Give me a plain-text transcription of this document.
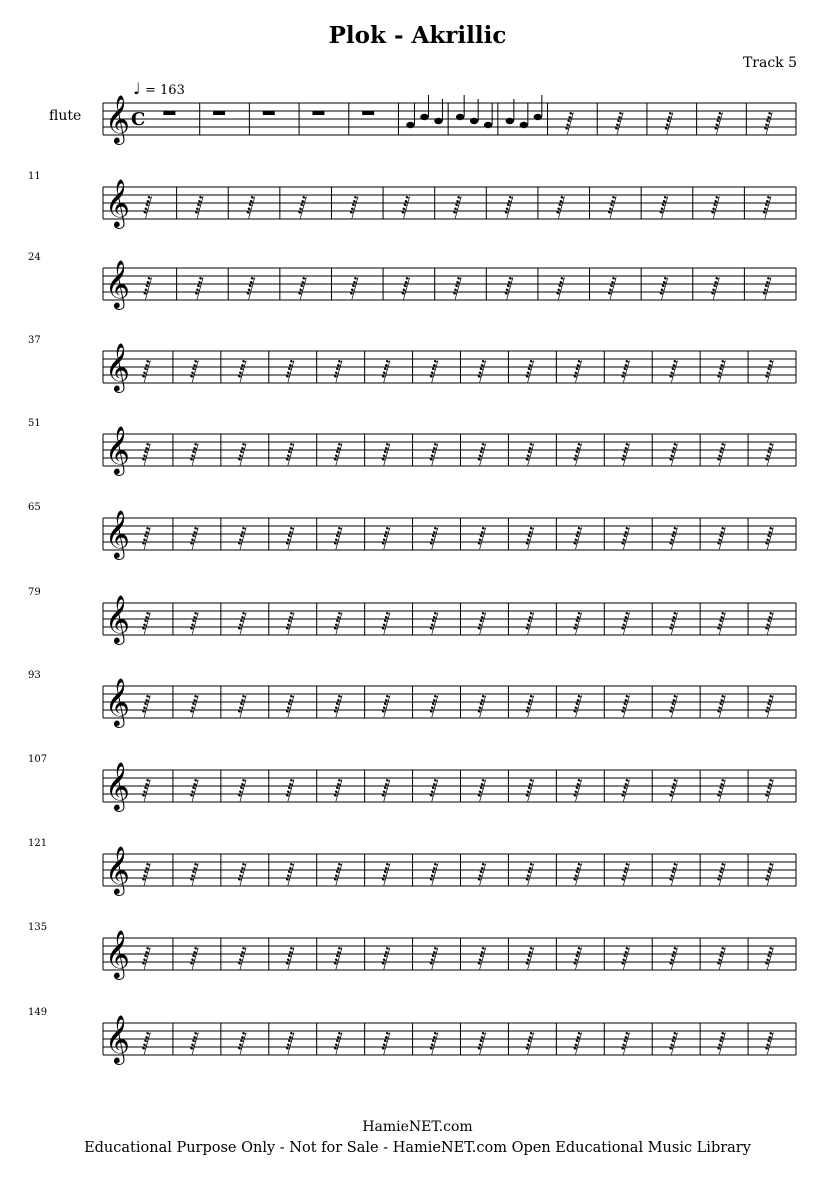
Plok - Akrillic
Track 5
flute 𝄞	𝅂 𝅂 𝅂 𝅂 𝅂
𝄞
11
𝅂 𝅂 𝅂 𝅂 𝅂 𝅂 𝅂 𝅂 𝅂 𝅂 𝅂 𝅂 𝅂
𝄞
24
𝅂 𝅂 𝅂 𝅂 𝅂 𝅂 𝅂 𝅂 𝅂 𝅂 𝅂 𝅂 𝅂
𝄞
37
𝅂 𝅂 𝅂 𝅂 𝅂 𝅂 𝅂 𝅂 𝅂 𝅂 𝅂 𝅂 𝅂 𝅂
𝄞
51
𝅂 𝅂 𝅂 𝅂 𝅂 𝅂 𝅂 𝅂 𝅂 𝅂 𝅂 𝅂 𝅂 𝅂
𝄞
65
𝅂 𝅂 𝅂 𝅂 𝅂 𝅂 𝅂 𝅂 𝅂 𝅂 𝅂 𝅂 𝅂 𝅂
𝄞
79
𝅂 𝅂 𝅂 𝅂 𝅂 𝅂 𝅂 𝅂 𝅂 𝅂 𝅂 𝅂 𝅂 𝅂
𝄞
93
𝅂 𝅂 𝅂 𝅂 𝅂 𝅂 𝅂 𝅂 𝅂 𝅂 𝅂 𝅂 𝅂 𝅂
𝄞
107
𝅂 𝅂 𝅂 𝅂 𝅂 𝅂 𝅂 𝅂 𝅂 𝅂 𝅂 𝅂 𝅂 𝅂
𝄞
121
𝅂 𝅂 𝅂 𝅂 𝅂 𝅂 𝅂 𝅂 𝅂 𝅂 𝅂 𝅂 𝅂 𝅂
𝄞
135
𝅂 𝅂 𝅂 𝅂 𝅂 𝅂 𝅂 𝅂 𝅂 𝅂 𝅂 𝅂 𝅂 𝅂
𝄞
149
𝅂 𝅂 𝅂 𝅂 𝅂 𝅂 𝅂 𝅂 𝅂 𝅂 𝅂 𝅂 𝅂 𝅂
♩ = 163
C
HamieNET.com
Educational Purpose Only - Not for Sale - HamieNET.com Open Educational Music Library
